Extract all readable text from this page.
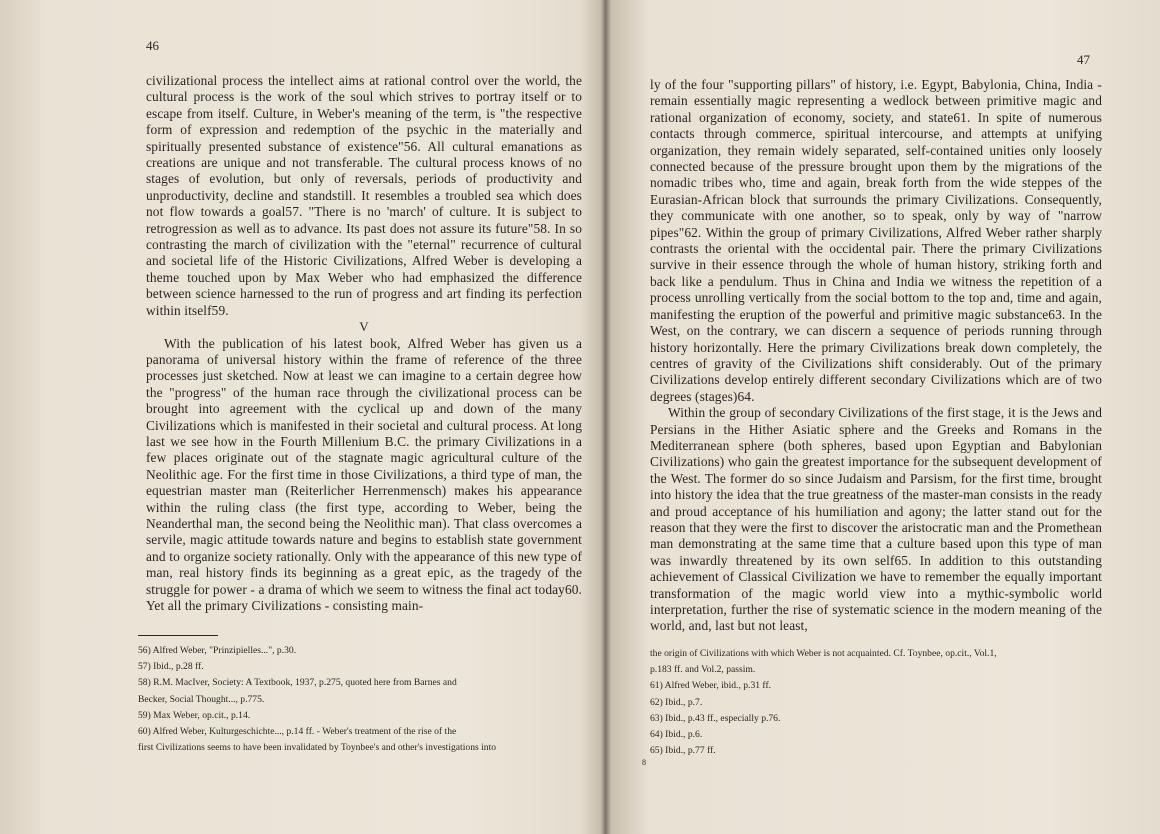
46

civilizational process the intellect aims at rational control over the world, the cultural process is the work of the soul which strives to portray itself or to escape from itself. Culture, in Weber's meaning of the term, is "the respective form of expression and redemption of the psychic in the materially and spiritually presented substance of existence"56. All cultural emanations as creations are unique and not transferable. The cultural process knows of no stages of evolution, but only of reversals, periods of productivity and unproductivity, decline and standstill. It resembles a troubled sea which does not flow towards a goal57. "There is no 'march' of culture. It is subject to retrogression as well as to advance. Its past does not assure its future"58. In so contrasting the march of civilization with the "eternal" recurrence of cultural and societal life of the Historic Civilizations, Alfred Weber is developing a theme touched upon by Max Weber who had emphasized the difference between science harnessed to the run of progress and art finding its perfection within itself59.

V

With the publication of his latest book, Alfred Weber has given us a panorama of universal history within the frame of reference of the three processes just sketched. Now at least we can imagine to a certain degree how the "progress" of the human race through the civilizational process can be brought into agreement with the cyclical up and down of the many Civilizations which is manifested in their societal and cultural process. At long last we see how in the Fourth Millenium B.C. the primary Civilizations in a few places originate out of the stagnate magic agricultural culture of the Neolithic age. For the first time in those Civilizations, a third type of man, the equestrian master man (Reiterlicher Herrenmensch) makes his appearance within the ruling class (the first type, according to Weber, being the Neanderthal man, the second being the Neolithic man). That class overcomes a servile, magic attitude towards nature and begins to establish state government and to organize society rationally. Only with the appearance of this new type of man, real history finds its beginning as a great epic, as the tragedy of the struggle for power - a drama of which we seem to witness the final act today60. Yet all the primary Civilizations - consisting main-

56) Alfred Weber, "Prinzipielles...", p.30.
57) Ibid., p.28 ff.
58) R.M. MacIver, Society: A Textbook, 1937, p.275, quoted here from Barnes and
Becker, Social Thought..., p.775.
59) Max Weber, op.cit., p.14.
60) Alfred Weber, Kulturgeschichte..., p.14 ff. - Weber's treatment of the rise of the
first Civilizations seems to have been invalidated by Toynbee's and other's investigations into
47

ly of the four "supporting pillars" of history, i.e. Egypt, Babylonia, China, India - remain essentially magic representing a wedlock between primitive magic and rational organization of economy, society, and state61. In spite of numerous contacts through commerce, spiritual intercourse, and attempts at unifying organization, they remain widely separated, self-contained unities only loosely connected because of the pressure brought upon them by the migrations of the nomadic tribes who, time and again, break forth from the wide steppes of the Eurasian-African block that surrounds the primary Civilizations. Consequently, they communicate with one another, so to speak, only by way of "narrow pipes"62. Within the group of primary Civilizations, Alfred Weber rather sharply contrasts the oriental with the occidental pair. There the primary Civilizations survive in their essence through the whole of human history, striking forth and back like a pendulum. Thus in China and India we witness the repetition of a process unrolling vertically from the social bottom to the top and, time and again, manifesting the eruption of the powerful and primitive magic substance63. In the West, on the contrary, we can discern a sequence of periods running through history horizontally. Here the primary Civilizations break down completely, the centres of gravity of the Civilizations shift considerably. Out of the primary Civilizations develop entirely different secondary Civilizations which are of two degrees (stages)64.

Within the group of secondary Civilizations of the first stage, it is the Jews and Persians in the Hither Asiatic sphere and the Greeks and Romans in the Mediterranean sphere (both spheres, based upon Egyptian and Babylonian Civilizations) who gain the greatest importance for the subsequent development of the West. The former do so since Judaism and Parsism, for the first time, brought into history the idea that the true greatness of the master-man consists in the ready and proud acceptance of his humiliation and agony; the latter stand out for the reason that they were the first to discover the aristocratic man and the Promethean man demonstrating at the same time that a culture based upon this type of man was inwardly threatened by its own self65. In addition to this outstanding achievement of Classical Civilization we have to remember the equally important transformation of the magic world view into a mythic-symbolic world interpretation, further the rise of systematic science in the modern meaning of the world, and, last but not least,

the origin of Civilizations with which Weber is not acquainted. Cf. Toynbee, op.cit., Vol.1,
p.183 ff. and Vol.2, passim.
61) Alfred Weber, ibid., p.31 ff.
62) Ibid., p.7.
63) Ibid., p.43 ff., especially p.76.
64) Ibid., p.6.
65) Ibid., p.77 ff.
8
